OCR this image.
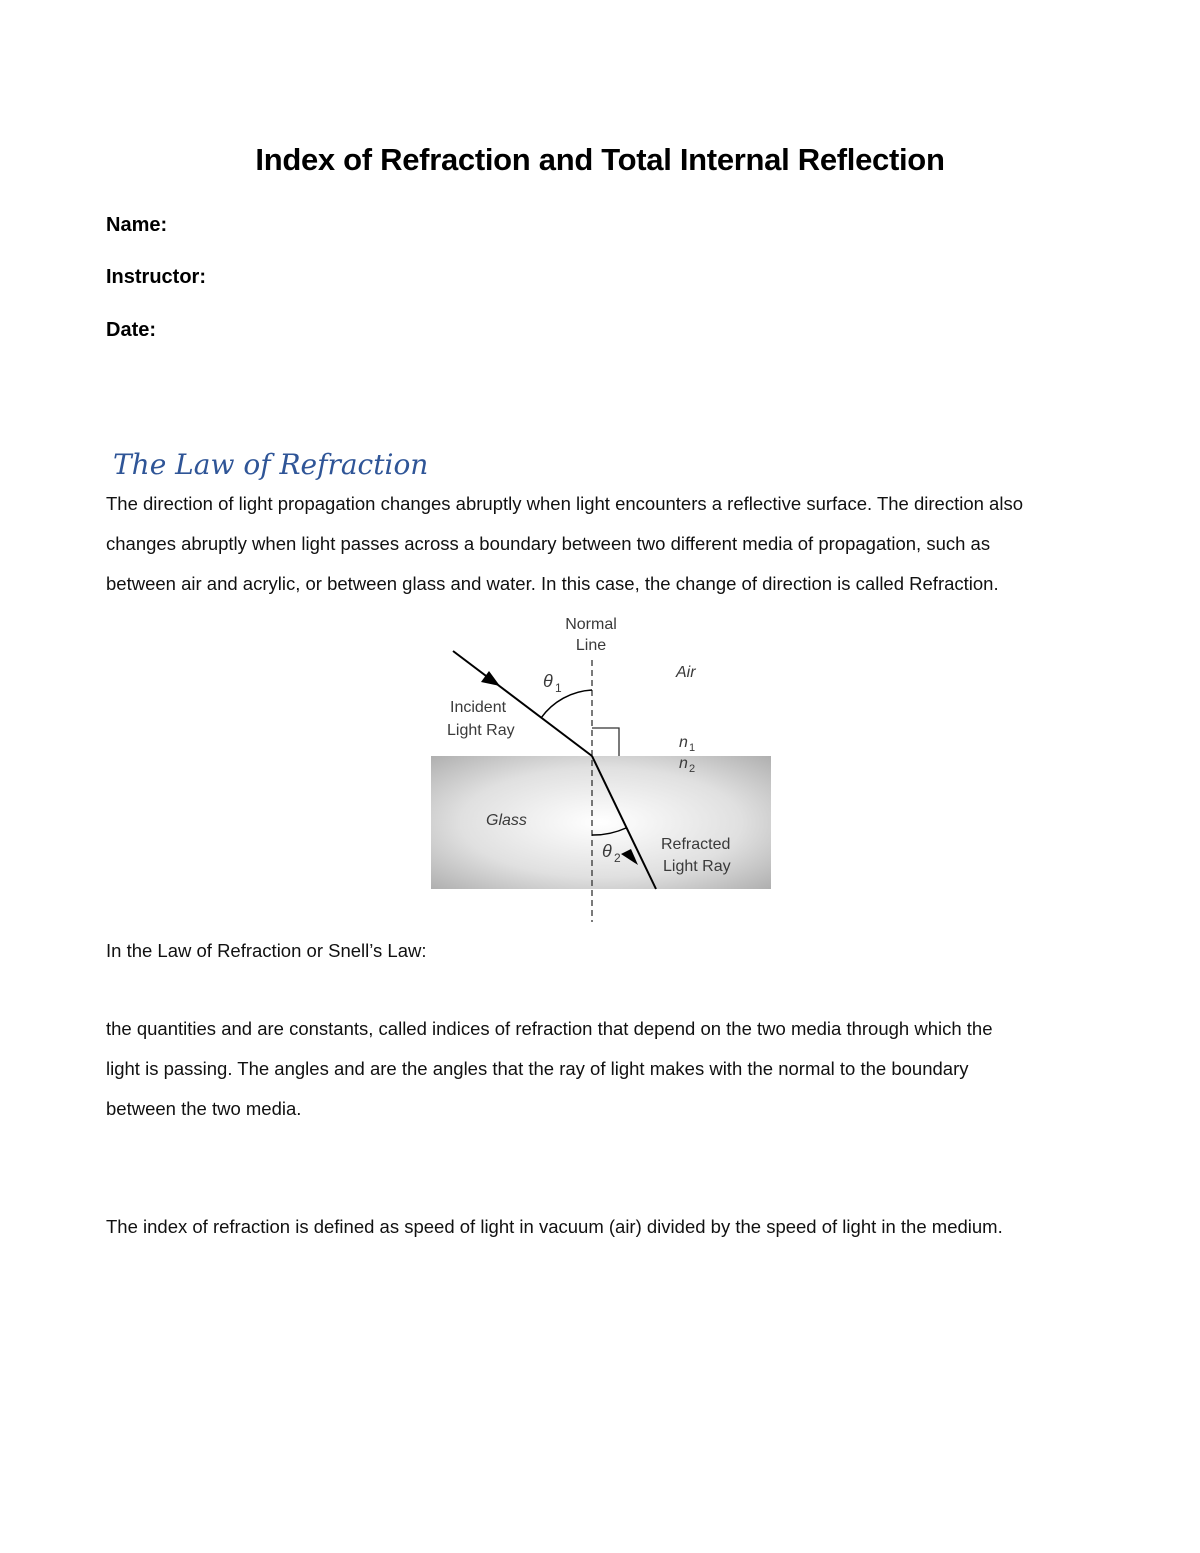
Index of Refraction and Total Internal Reflection
Name:
Instructor:
Date:
The Law of Refraction

The direction of light propagation changes abruptly when light encounters a reflective surface. The direction also

changes abruptly when light passes across a boundary between two different media of propagation, such as

between air and acrylic, or between glass and water. In this case, the change of direction is called Refraction.

Normal
Line
Air
Incident
Light Ray
θ 1
n 1
n 2
Glass
θ 2
Refracted
Light Ray

In the Law of Refraction or Snell’s Law:

the quantities and are constants, called indices of refraction that depend on the two media through which the

light is passing. The angles and are the angles that the ray of light makes with the normal to the boundary

between the two media.

The index of refraction is defined as speed of light in vacuum (air) divided by the speed of light in the medium.
